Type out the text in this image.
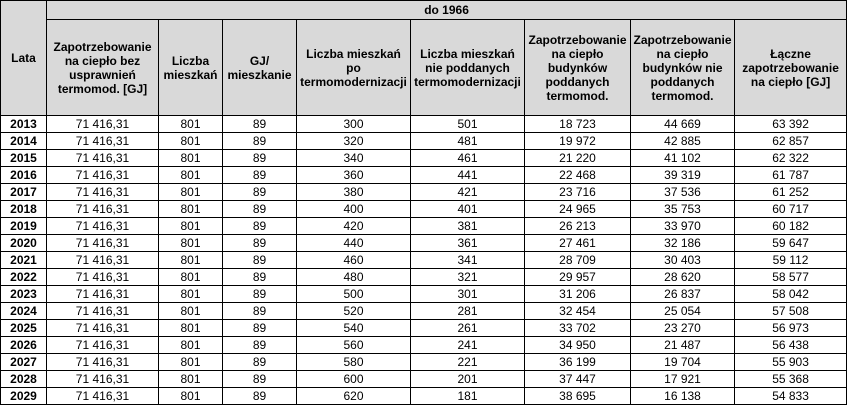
Lata	do 1966							

	Zapotrzebowanie na ciepło bez usprawnień termomod. [GJ]	Liczba mieszkań	GJ/ mieszkanie	Liczba mieszkań po termomodernizacji	Liczba mieszkań nie poddanych termomodernizacji	Zapotrzebowanie na ciepło budynków poddanych termomod.	Zapotrzebowanie na ciepło budynków nie poddanych termomod.	Łączne zapotrzebowanie na ciepło [GJ]

2013	71 416,31	801	89	300	501	18 723	44 669	63 392
2014	71 416,31	801	89	320	481	19 972	42 885	62 857
2015	71 416,31	801	89	340	461	21 220	41 102	62 322
2016	71 416,31	801	89	360	441	22 468	39 319	61 787
2017	71 416,31	801	89	380	421	23 716	37 536	61 252
2018	71 416,31	801	89	400	401	24 965	35 753	60 717
2019	71 416,31	801	89	420	381	26 213	33 970	60 182
2020	71 416,31	801	89	440	361	27 461	32 186	59 647
2021	71 416,31	801	89	460	341	28 709	30 403	59 112
2022	71 416,31	801	89	480	321	29 957	28 620	58 577
2023	71 416,31	801	89	500	301	31 206	26 837	58 042
2024	71 416,31	801	89	520	281	32 454	25 054	57 508
2025	71 416,31	801	89	540	261	33 702	23 270	56 973
2026	71 416,31	801	89	560	241	34 950	21 487	56 438
2027	71 416,31	801	89	580	221	36 199	19 704	55 903
2028	71 416,31	801	89	600	201	37 447	17 921	55 368
2029	71 416,31	801	89	620	181	38 695	16 138	54 833
